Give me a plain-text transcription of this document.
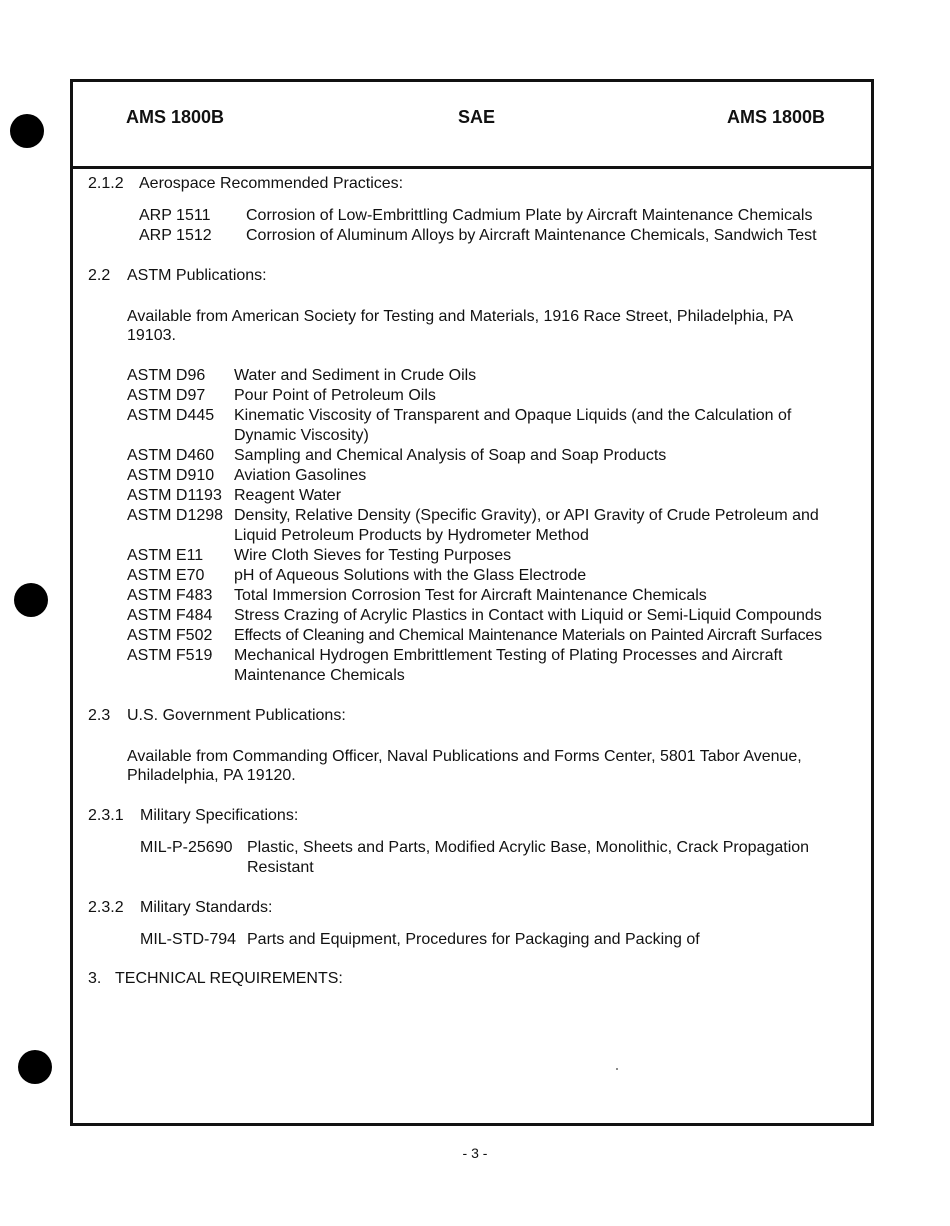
AMS 1800B	SAE	AMS 1800B
2.1.2 Aerospace Recommended Practices:
ARP 1511 Corrosion of Low-Embrittling Cadmium Plate by Aircraft Maintenance Chemicals
ARP 1512 Corrosion of Aluminum Alloys by Aircraft Maintenance Chemicals, Sandwich Test
2.2 ASTM Publications:
Available from American Society for Testing and Materials, 1916 Race Street, Philadelphia, PA
19103.
ASTM D96 Water and Sediment in Crude Oils
ASTM D97 Pour Point of Petroleum Oils
ASTM D445 Kinematic Viscosity of Transparent and Opaque Liquids (and the Calculation of
Dynamic Viscosity)
ASTM D460 Sampling and Chemical Analysis of Soap and Soap Products
ASTM D910 Aviation Gasolines
ASTM D1193 Reagent Water
ASTM D1298 Density, Relative Density (Specific Gravity), or API Gravity of Crude Petroleum and
Liquid Petroleum Products by Hydrometer Method
ASTM E11 Wire Cloth Sieves for Testing Purposes
ASTM E70 pH of Aqueous Solutions with the Glass Electrode
ASTM F483 Total Immersion Corrosion Test for Aircraft Maintenance Chemicals
ASTM F484 Stress Crazing of Acrylic Plastics in Contact with Liquid or Semi-Liquid Compounds
ASTM F502 Effects of Cleaning and Chemical Maintenance Materials on Painted Aircraft Surfaces
ASTM F519 Mechanical Hydrogen Embrittlement Testing of Plating Processes and Aircraft
Maintenance Chemicals
2.3 U.S. Government Publications:
Available from Commanding Officer, Naval Publications and Forms Center, 5801 Tabor Avenue,
Philadelphia, PA 19120.
2.3.1 Military Specifications:
MIL-P-25690 Plastic, Sheets and Parts, Modified Acrylic Base, Monolithic, Crack Propagation
Resistant
2.3.2 Military Standards:
MIL-STD-794 Parts and Equipment, Procedures for Packaging and Packing of
3. TECHNICAL REQUIREMENTS:
- 3 -
